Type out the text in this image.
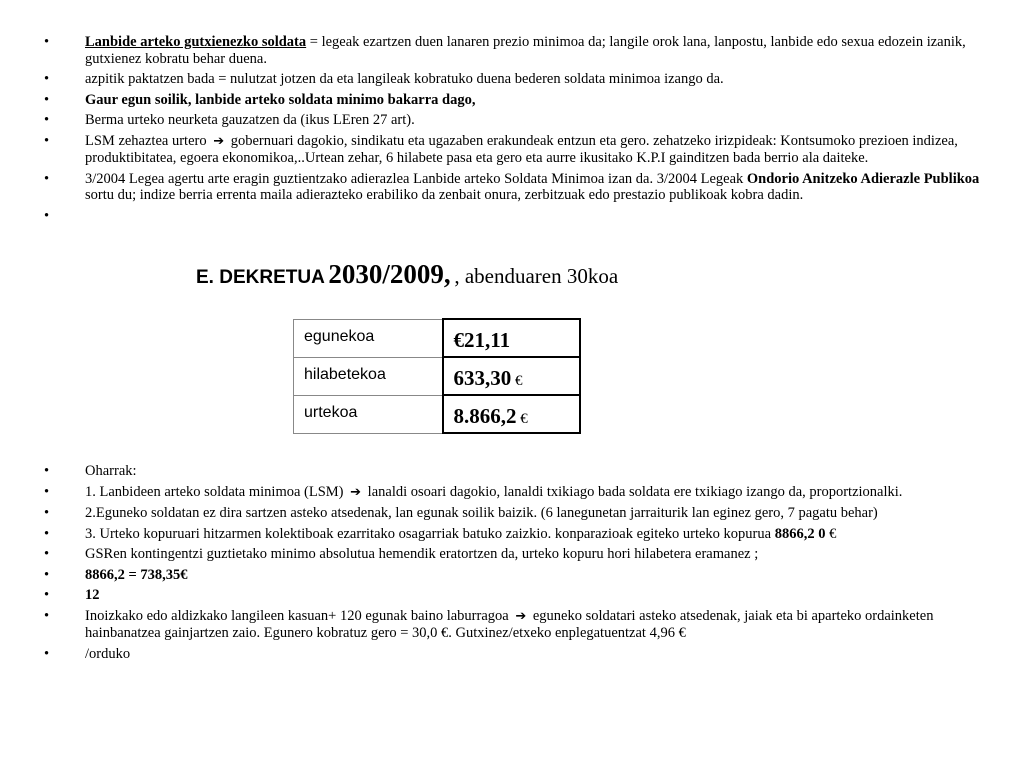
• Lanbide arteko gutxienezko soldata = legeak ezartzen duen lanaren prezio minimoa da; langile orok lana, lanpostu, lanbide edo sexua edozein izanik, gutxienez kobratu behar duena.
• azpitik paktatzen bada = nulutzat jotzen da eta langileak kobratuko duena bederen soldata minimoa izango da.
• Gaur egun soilik, lanbide arteko soldata minimo bakarra dago,
• Berma urteko neurketa gauzatzen da (ikus LEren 27 art).
• LSM zehaztea urtero ➔ gobernuari dagokio, sindikatu eta ugazaben erakundeak entzun eta gero. zehatzeko irizpideak: Kontsumoko prezioen indizea, produktibitatea, egoera ekonomikoa,..Urtean zehar, 6 hilabete pasa eta gero eta aurre ikusitako K.P.I gainditzen bada berrio ala daiteke.
• 3/2004 Legea agertu arte eragin guztientzako adierazlea Lanbide arteko Soldata Minimoa izan da. 3/2004 Legeak Ondorio Anitzeko Adierazle Publikoa sortu du; indize berria errenta maila adierazteko erabiliko da zenbait onura, zerbitzuak edo prestazio publikoak kobra dadin.
E. DEKRETUA 2030/2009, , abenduaren 30koa
egunekoa	€21,11
hilabetekoa	633,30 €
urtekoa	8.866,2 €
• Oharrak:
• 1. Lanbideen arteko soldata minimoa (LSM) ➔ lanaldi osoari dagokio, lanaldi txikiago bada soldata ere txikiago izango da, proportzionalki.
• 2.Eguneko soldatan ez dira sartzen asteko atsedenak, lan egunak soilik baizik. (6 lanegunetan jarraiturik lan eginez gero, 7 pagatu behar)
• 3. Urteko kopuruari hitzarmen kolektiboak ezarritako osagarriak batuko zaizkio. konparazioak egiteko urteko kopurua 8866,2 0 €
• GSRen kontingentzi guztietako minimo absolutua hemendik eratortzen da, urteko kopuru hori hilabetera eramanez ;
• 8866,2 = 738,35€
• 12
• Inoizkako edo aldizkako langileen kasuan+ 120 egunak baino laburragoa ➔ eguneko soldatari asteko atsedenak, jaiak eta bi aparteko ordainketen hainbanatzea gainjartzen zaio. Egunero kobratuz gero = 30,0 €. Gutxinez/etxeko enplegatuentzat 4,96 €
• /orduko
